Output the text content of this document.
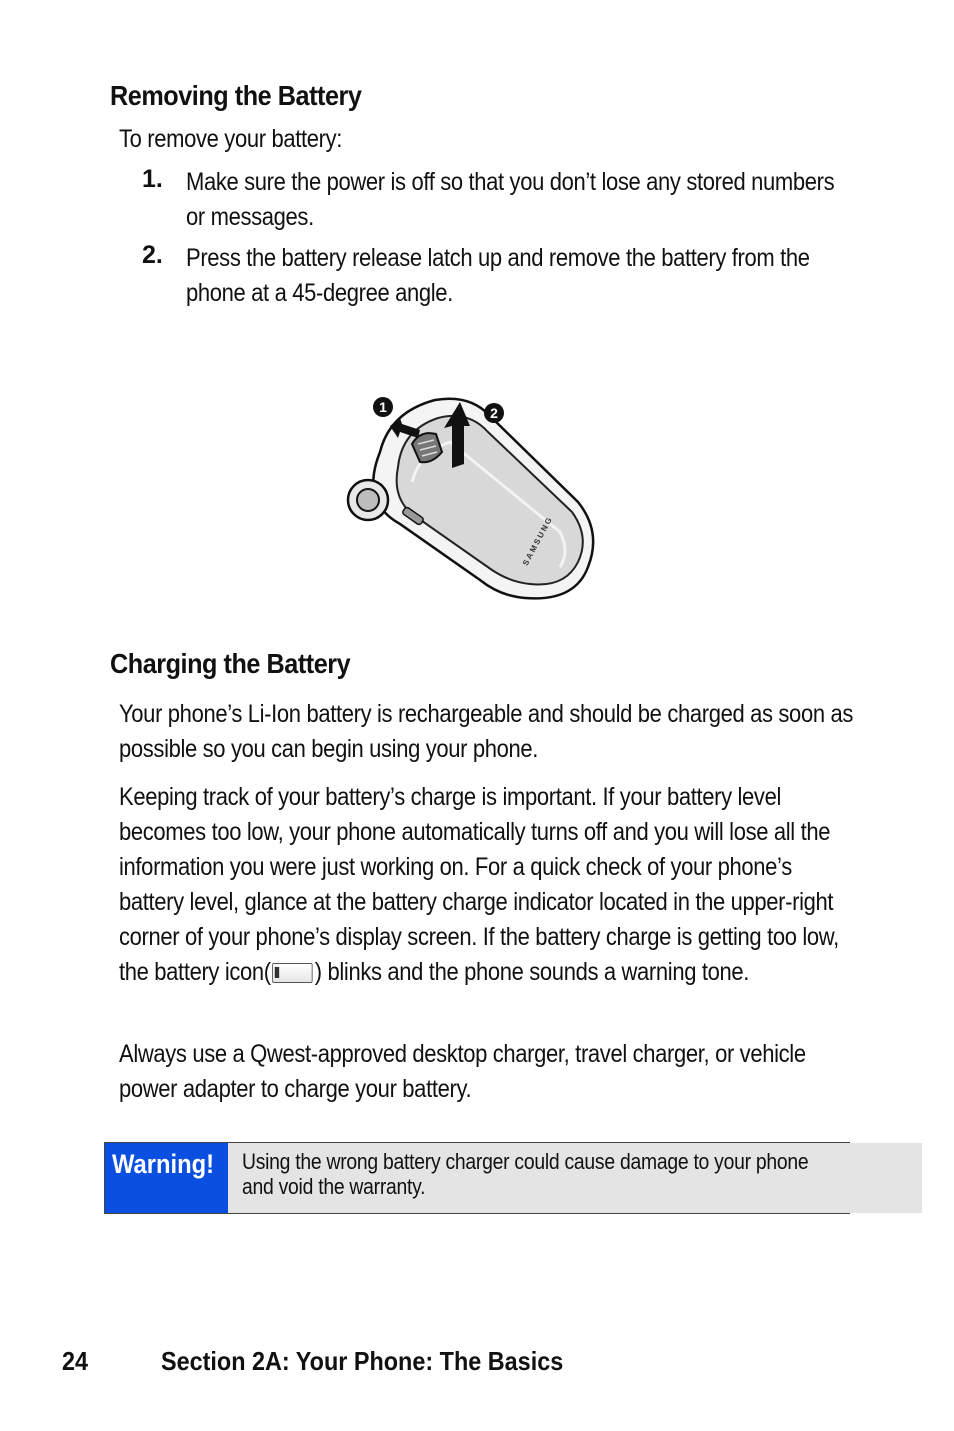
Removing the Battery

To remove your battery:

1. Make sure the power is off so that you don’t lose any stored numbers or messages.

2. Press the battery release latch up and remove the battery from the phone at a 45-degree angle.

1	2
SAMSUNG
Charging the Battery

Your phone’s Li-Ion battery is rechargeable and should be charged as soon as possible so you can begin using your phone.

Keeping track of your battery’s charge is important. If your battery level becomes too low, your phone automatically turns off and you will lose all the information you were just working on. For a quick check of your phone’s battery level, glance at the battery charge indicator located in the upper-right corner of your phone’s display screen. If the battery charge is getting too low, the battery icon( ) blinks and the phone sounds a warning tone.

Always use a Qwest-approved desktop charger, travel charger, or vehicle power adapter to charge your battery.

Warning!	Using the wrong battery charger could cause damage to your phone and void the warranty.

24	Section 2A: Your Phone: The Basics
